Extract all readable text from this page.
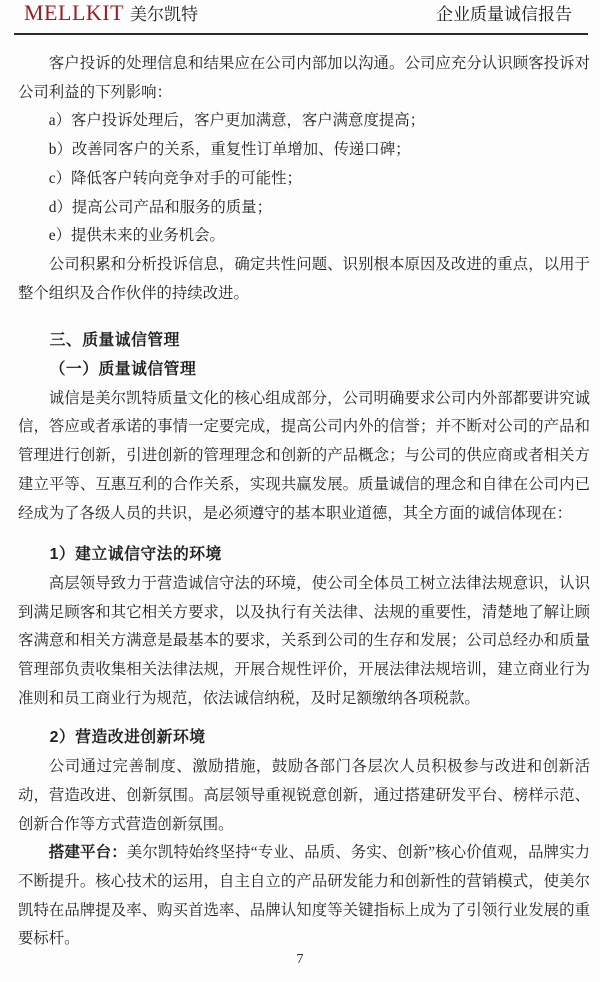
MELLKIT 美尔凯特	企业质量诚信报告

客户投诉的处理信息和结果应在公司内部加以沟通。公司应充分认识顾客投诉对公司利益的下列影响：

a）客户投诉处理后，客户更加满意，客户满意度提高；
b）改善同客户的关系，重复性订单增加、传递口碑；
c）降低客户转向竞争对手的可能性；
d）提高公司产品和服务的质量；
e）提供未来的业务机会。

公司积累和分析投诉信息，确定共性问题、识别根本原因及改进的重点，以用于整个组织及合作伙伴的持续改进。

三、质量诚信管理
（一）质量诚信管理

诚信是美尔凯特质量文化的核心组成部分，公司明确要求公司内外部都要讲究诚信，答应或者承诺的事情一定要完成，提高公司内外的信誉；并不断对公司的产品和管理进行创新，引进创新的管理理念和创新的产品概念；与公司的供应商或者相关方建立平等、互惠互利的合作关系，实现共赢发展。质量诚信的理念和自律在公司内已经成为了各级人员的共识，是必须遵守的基本职业道德，其全方面的诚信体现在：

1）建立诚信守法的环境

高层领导致力于营造诚信守法的环境，使公司全体员工树立法律法规意识，认识到满足顾客和其它相关方要求，以及执行有关法律、法规的重要性，清楚地了解让顾客满意和相关方满意是最基本的要求，关系到公司的生存和发展；公司总经办和质量管理部负责收集相关法律法规，开展合规性评价，开展法律法规培训，建立商业行为准则和员工商业行为规范，依法诚信纳税，及时足额缴纳各项税款。

2）营造改进创新环境

公司通过完善制度、激励措施，鼓励各部门各层次人员积极参与改进和创新活动，营造改进、创新氛围。高层领导重视锐意创新，通过搭建研发平台、榜样示范、创新合作等方式营造创新氛围。

搭建平台：美尔凯特始终坚持“专业、品质、务实、创新”核心价值观，品牌实力不断提升。核心技术的运用，自主自立的产品研发能力和创新性的营销模式，使美尔凯特在品牌提及率、购买首选率、品牌认知度等关键指标上成为了引领行业发展的重要标杆。

7
